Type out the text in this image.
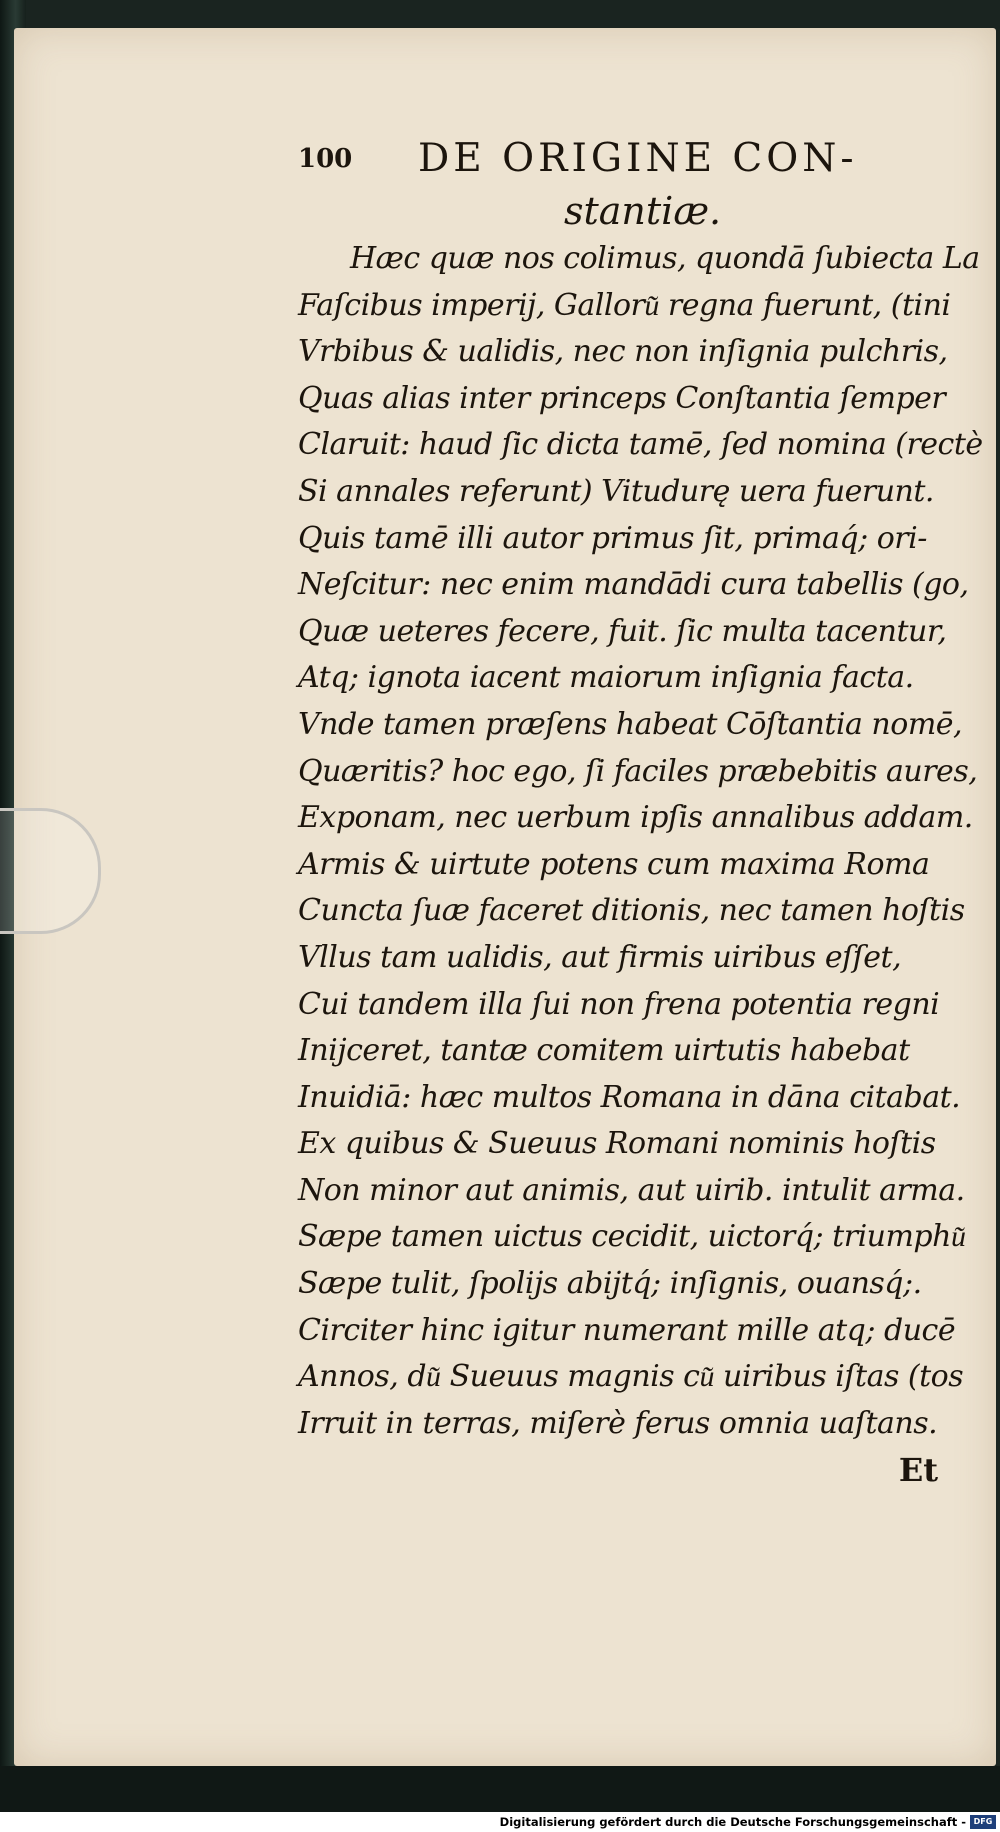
100 DE ORIGINE CON-
stantiæ.
Hæc quæ nos colimus, quondā ſubiecta La
Faſcibus imperij, Galloru͂ regna fuerunt, (tini
Vrbibus & ualidis, nec non inſignia pulchris,
Quas alias inter princeps Conſtantia ſemper
Claruit: haud ſic dicta tamē, ſed nomina (rectè
Si annales referunt) Vitudurę uera fuerunt.
Quis tamē illi autor primus ſit, primaq́; ori-
Neſcitur: nec enim mandādi cura tabellis (go,
Quæ ueteres fecere, fuit. ſic multa tacentur,
Atq; ignota iacent maiorum inſignia facta.
Vnde tamen præſens habeat Cōſtantia nomē,
Quæritis? hoc ego, ſi faciles præbebitis aures,
Exponam, nec uerbum ipſis annalibus addam.
Armis & uirtute potens cum maxima Roma
Cuncta ſuæ faceret ditionis, nec tamen hoſtis
Vllus tam ualidis, aut firmis uiribus eſſet,
Cui tandem illa ſui non frena potentia regni
Inijceret, tantæ comitem uirtutis habebat
Inuidiā: hæc multos Romana in dāna citabat.
Ex quibus & Sueuus Romani nominis hoſtis
Non minor aut animis, aut uirib. intulit arma.
Sæpe tamen uictus cecidit, uictorq́; triumphu͂
Sæpe tulit, ſpolijs abijtq́; inſignis, ouansq́;.
Circiter hinc igitur numerant mille atq; ducē
Annos, du͂ Sueuus magnis cu͂ uiribus iſtas (tos
Irruit in terras, miſerè ferus omnia uaſtans.
Et
Digitalisierung gefördert durch die Deutsche Forschungsgemeinschaft - DFG
